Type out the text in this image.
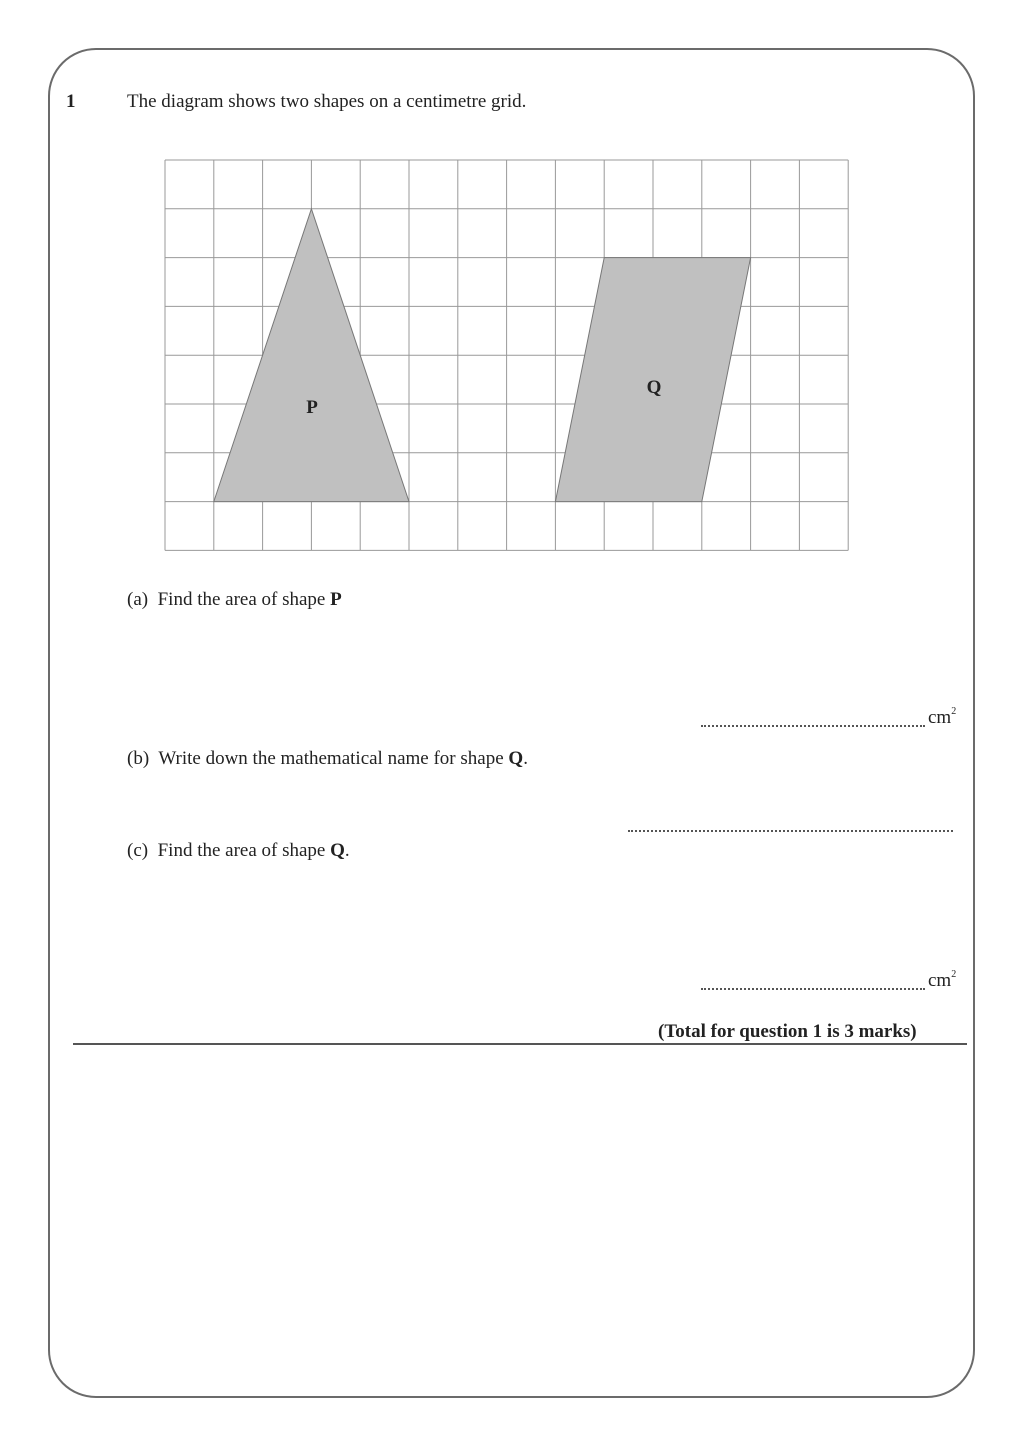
1	The diagram shows two shapes on a centimetre grid.
P
Q
(a) Find the area of shape P
$cm^2$
(b) Write down the mathematical name for shape Q.
(c) Find the area of shape Q.
$cm^2$
(Total for question 1 is 3 marks)
